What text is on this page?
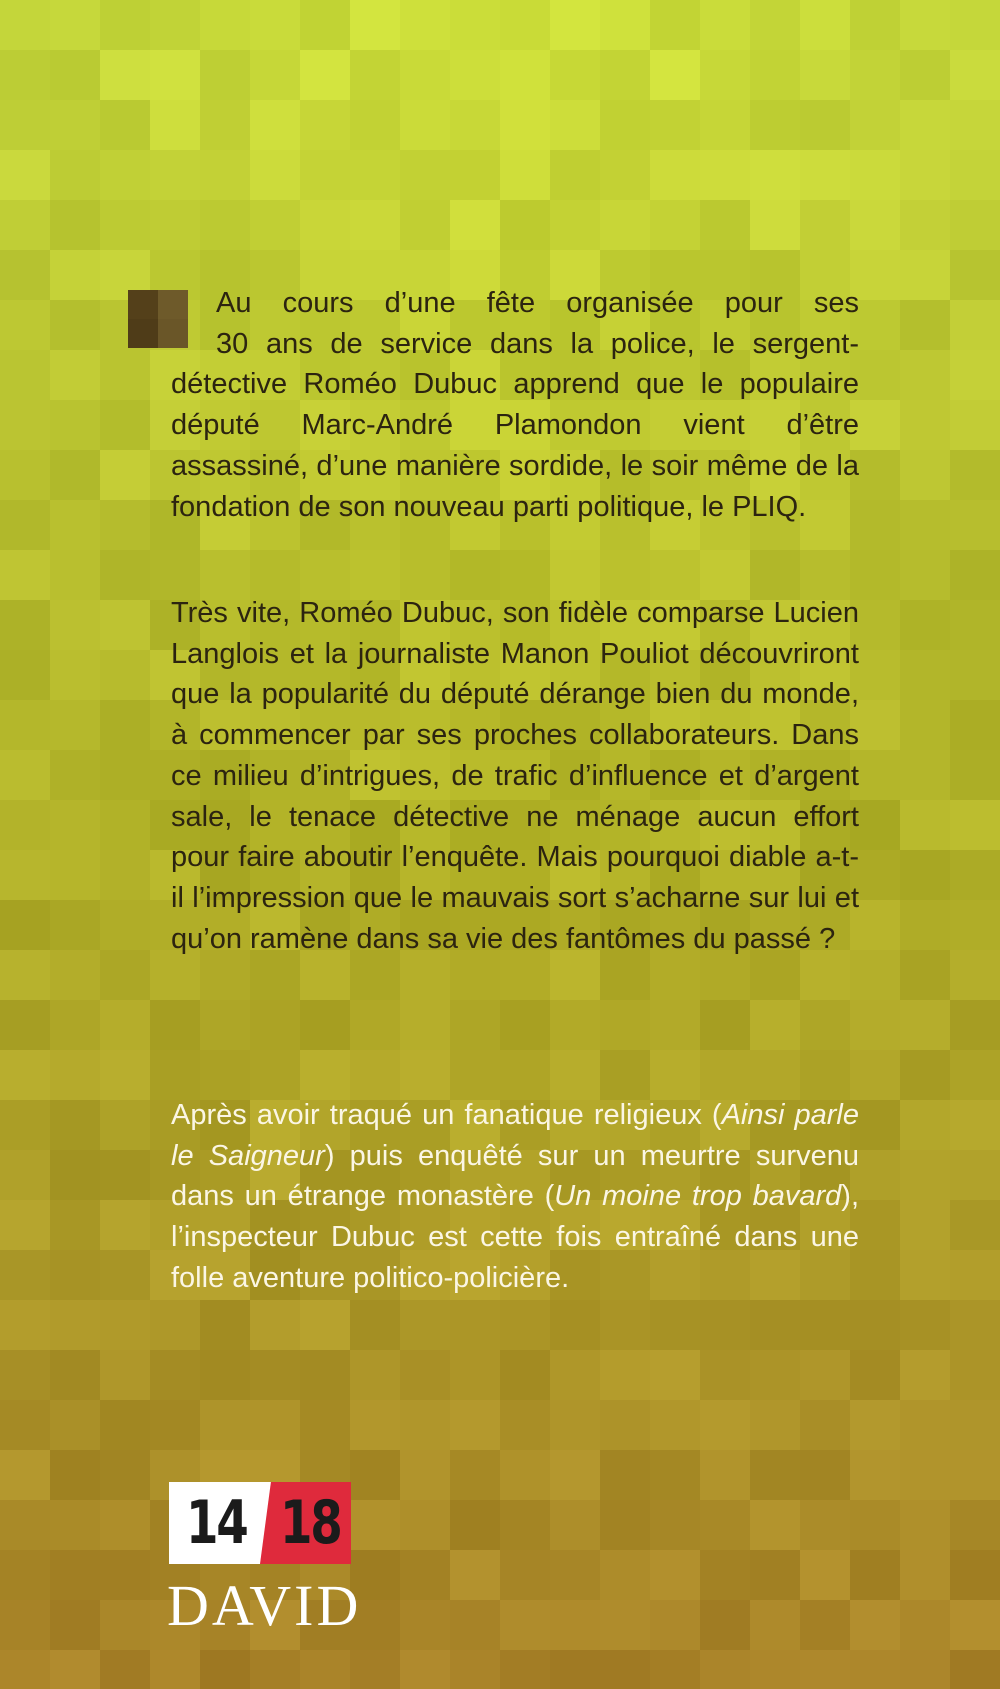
Au cours d’une fête organisée pour ses
30 ans de service dans la police, le sergent-
détective Roméo Dubuc apprend que le populaire député Marc-André Plamondon vient d’être assassiné, d’une manière sordide, le soir même de la fondation de son nouveau parti politique, le PLIQ.

Très vite, Roméo Dubuc, son fidèle comparse Lucien Langlois et la journaliste Manon Pouliot découvriront que la popularité du député dérange bien du monde, à commencer par ses proches collaborateurs. Dans ce milieu d’intrigues, de trafic d’influence et d’argent sale, le tenace détective ne ménage aucun effort pour faire aboutir l’enquête. Mais pourquoi diable a-t-il l’impression que le mauvais sort s’acharne sur lui et qu’on ramène dans sa vie des fantômes du passé ?

Après avoir traqué un fanatique religieux (Ainsi parle le Saigneur) puis enquêté sur un meurtre survenu dans un étrange monastère (Un moine trop bavard), l’inspecteur Dubuc est cette fois entraîné dans une folle aventure politico-policière.

14 18
DAVID
